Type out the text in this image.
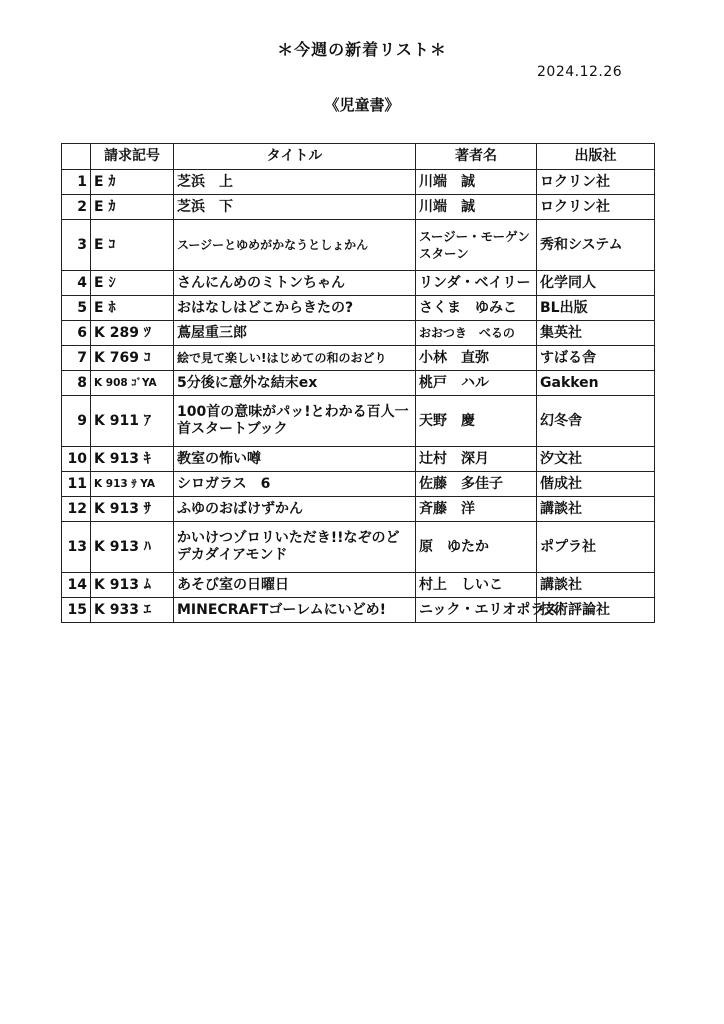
＊今週の新着リスト＊
2024.12.26
《児童書》
	請求記号	タイトル	著者名	出版社
1	E ｶ	芝浜　上	川端　誠	ロクリン社
2	E ｶ	芝浜　下	川端　誠	ロクリン社
3	E ｺ	スージーとゆめがかなうとしょかん	スージー・モーゲンスターン	秀和システム
4	E ｼ	さんにんめのミトンちゃん	リンダ・ベイリー	化学同人
5	E ﾎ	おはなしはどこからきたの?	さくま　ゆみこ	BL出版
6	K 289 ﾂ	蔦屋重三郎	おおつき　べるの	集英社
7	K 769 ｺ	絵で見て楽しい!はじめての和のおどり	小林　直弥	すばる舎
8	K 908 ｺﾞYA	5分後に意外な結末ex	桃戸　ハル	Gakken
9	K 911 ｱ	100首の意味がパッ!とわかる百人一首スタートブック	天野　慶	幻冬舎
10	K 913 ｷ	教室の怖い噂	辻村　深月	汐文社
11	K 913 ｻ YA	シロガラス　6	佐藤　多佳子	偕成社
12	K 913 ｻ	ふゆのおばけずかん	斉藤　洋	講談社
13	K 913 ﾊ	かいけつゾロリいただき!!なぞのどデカダイアモンド	原　ゆたか	ポプラ社
14	K 913 ﾑ	あそび室の日曜日	村上　しいこ	講談社
15	K 933 ｴ	MINECRAFTゴーレムにいどめ!	ニック・エリオポラス	技術評論社
